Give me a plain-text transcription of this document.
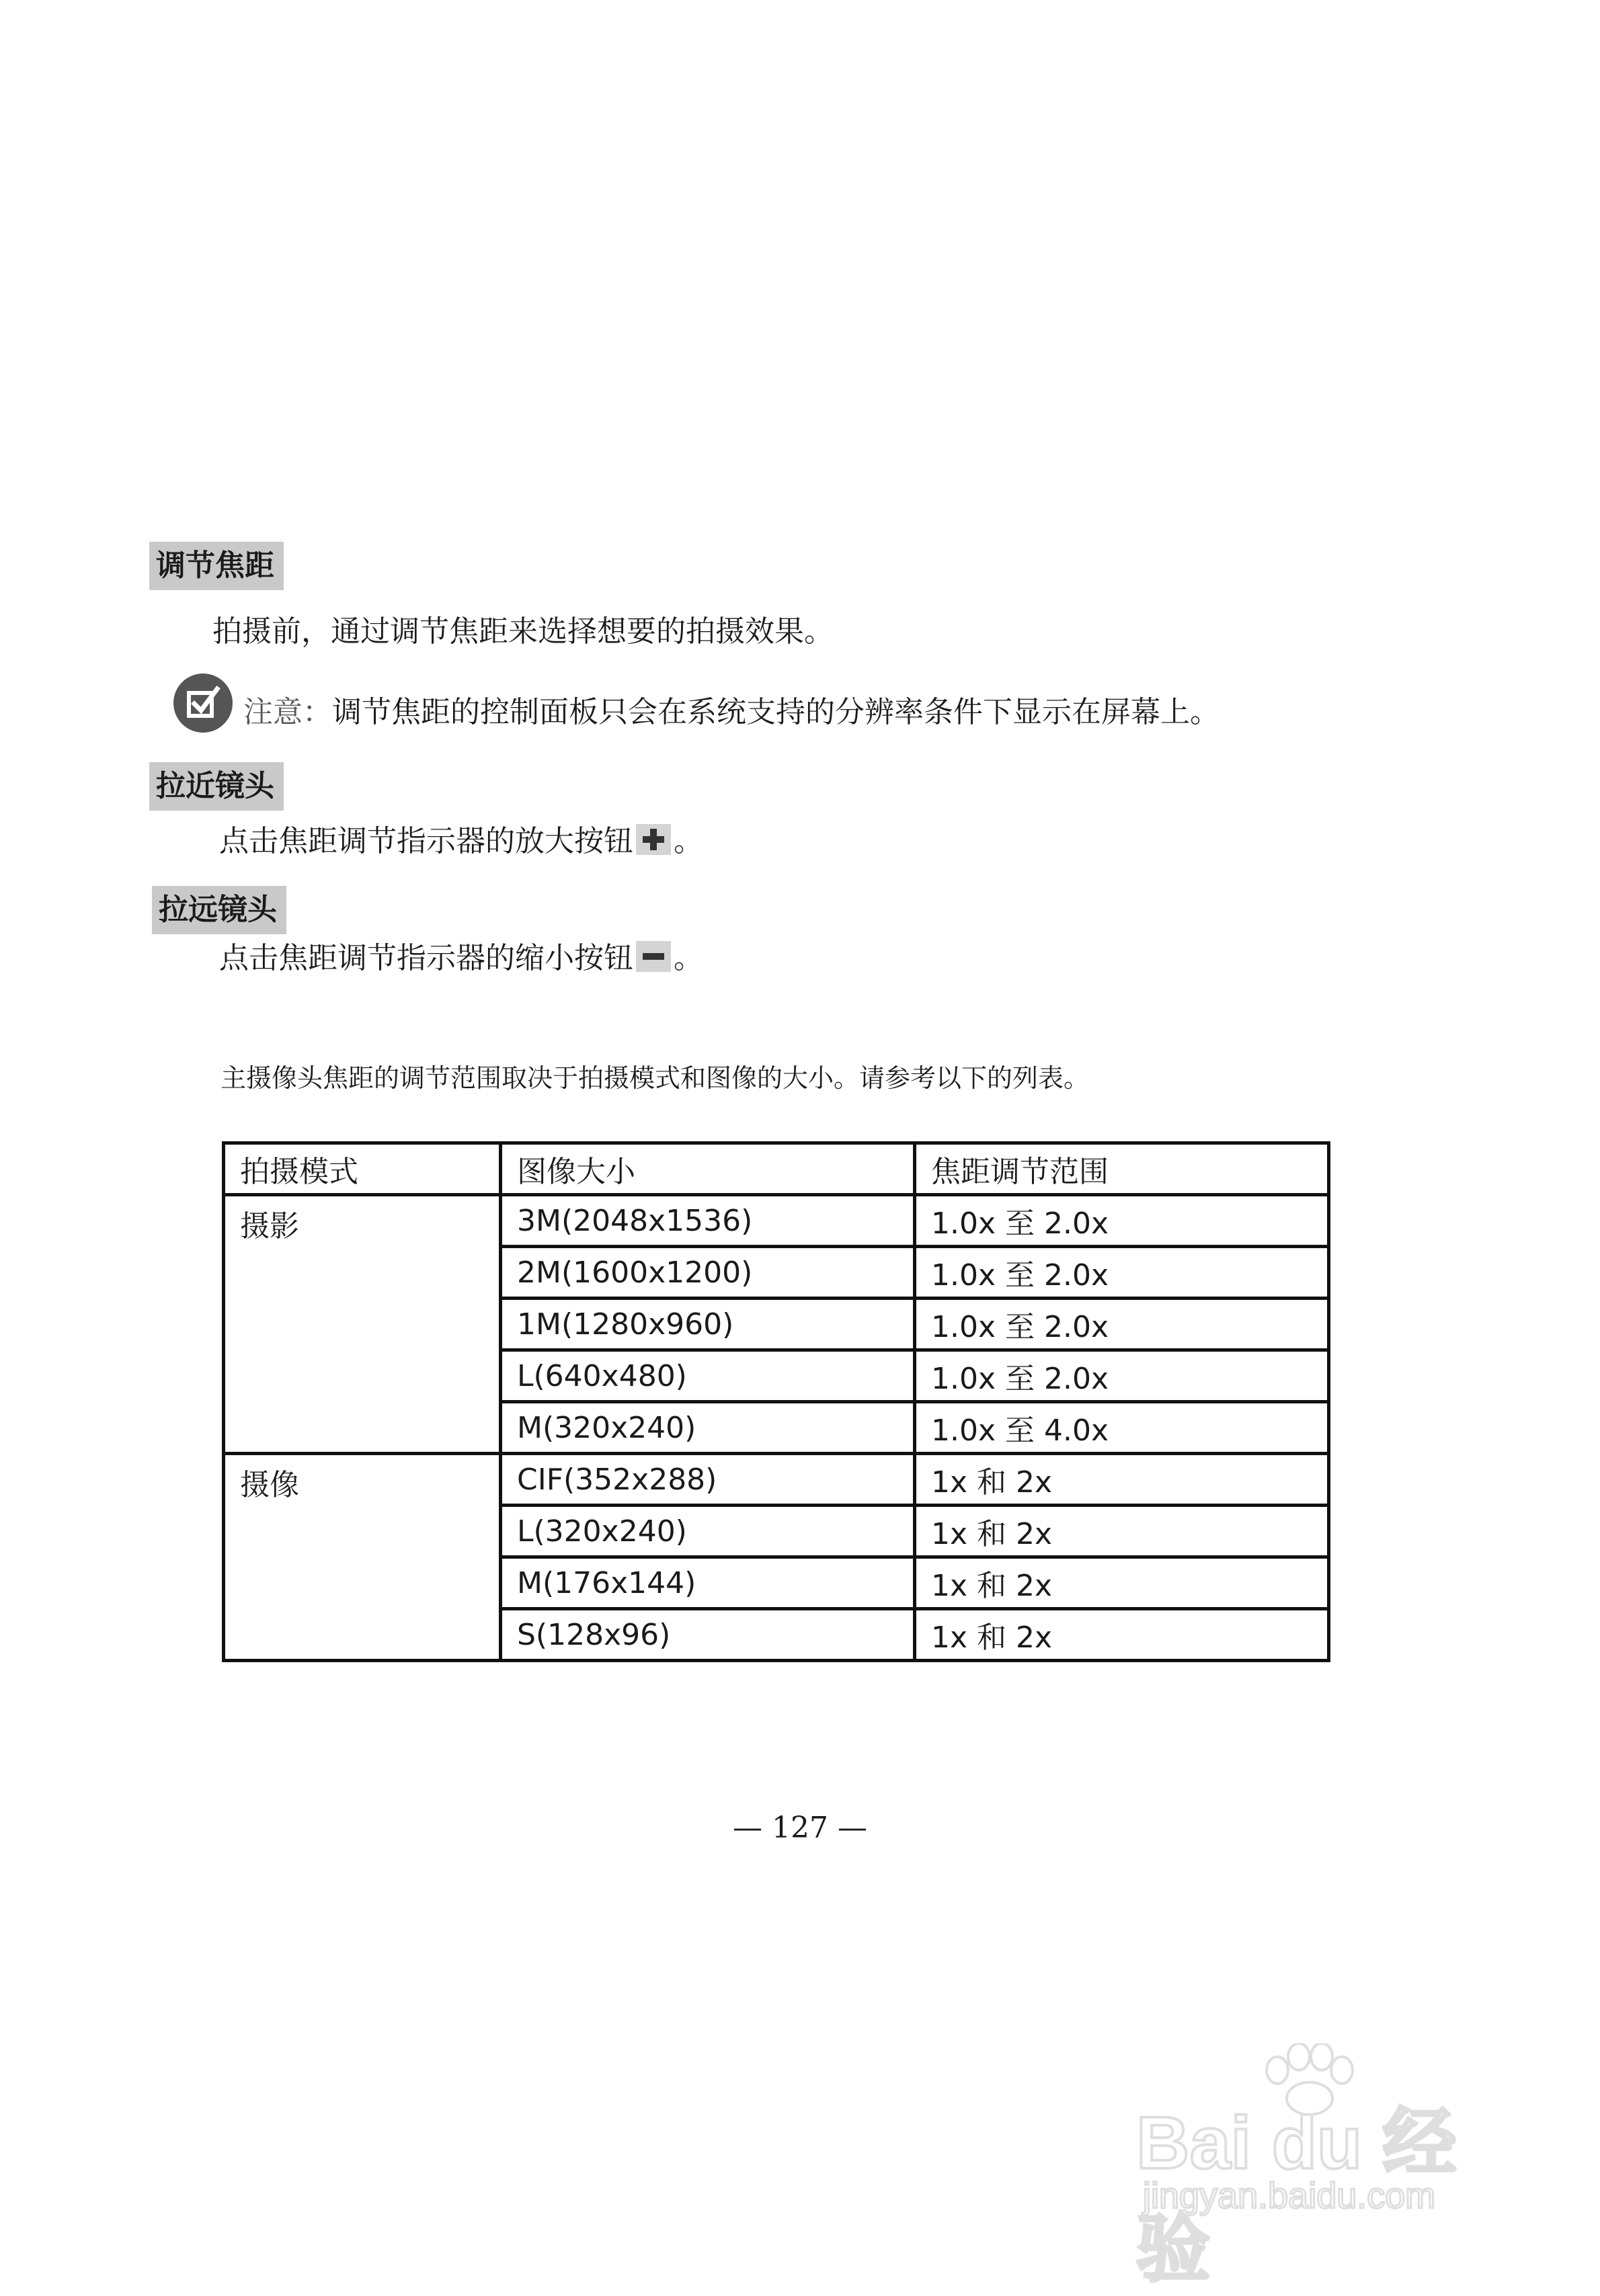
调节焦距
拍摄前，通过调节焦距来选择想要的拍摄效果。
注意：调节焦距的控制面板只会在系统支持的分辨率条件下显示在屏幕上。
拉近镜头
点击焦距调节指示器的放大按钮 。
拉远镜头
点击焦距调节指示器的缩小按钮 。
主摄像头焦距的调节范围取决于拍摄模式和图像的大小。请参考以下的列表。
拍摄模式	图像大小	焦距调节范围
摄影	3M(2048x1536)	1.0x 至 2.0x
	2M(1600x1200)	1.0x 至 2.0x
	1M(1280x960)	1.0x 至 2.0x
	L(640x480)	1.0x 至 2.0x
	M(320x240)	1.0x 至 4.0x
摄像	CIF(352x288)	1x 和 2x
	L(320x240)	1x 和 2x
	M(176x144)	1x 和 2x
	S(128x96)	1x 和 2x
— 127 —
Bai du 经验
jingyan.baidu.com
